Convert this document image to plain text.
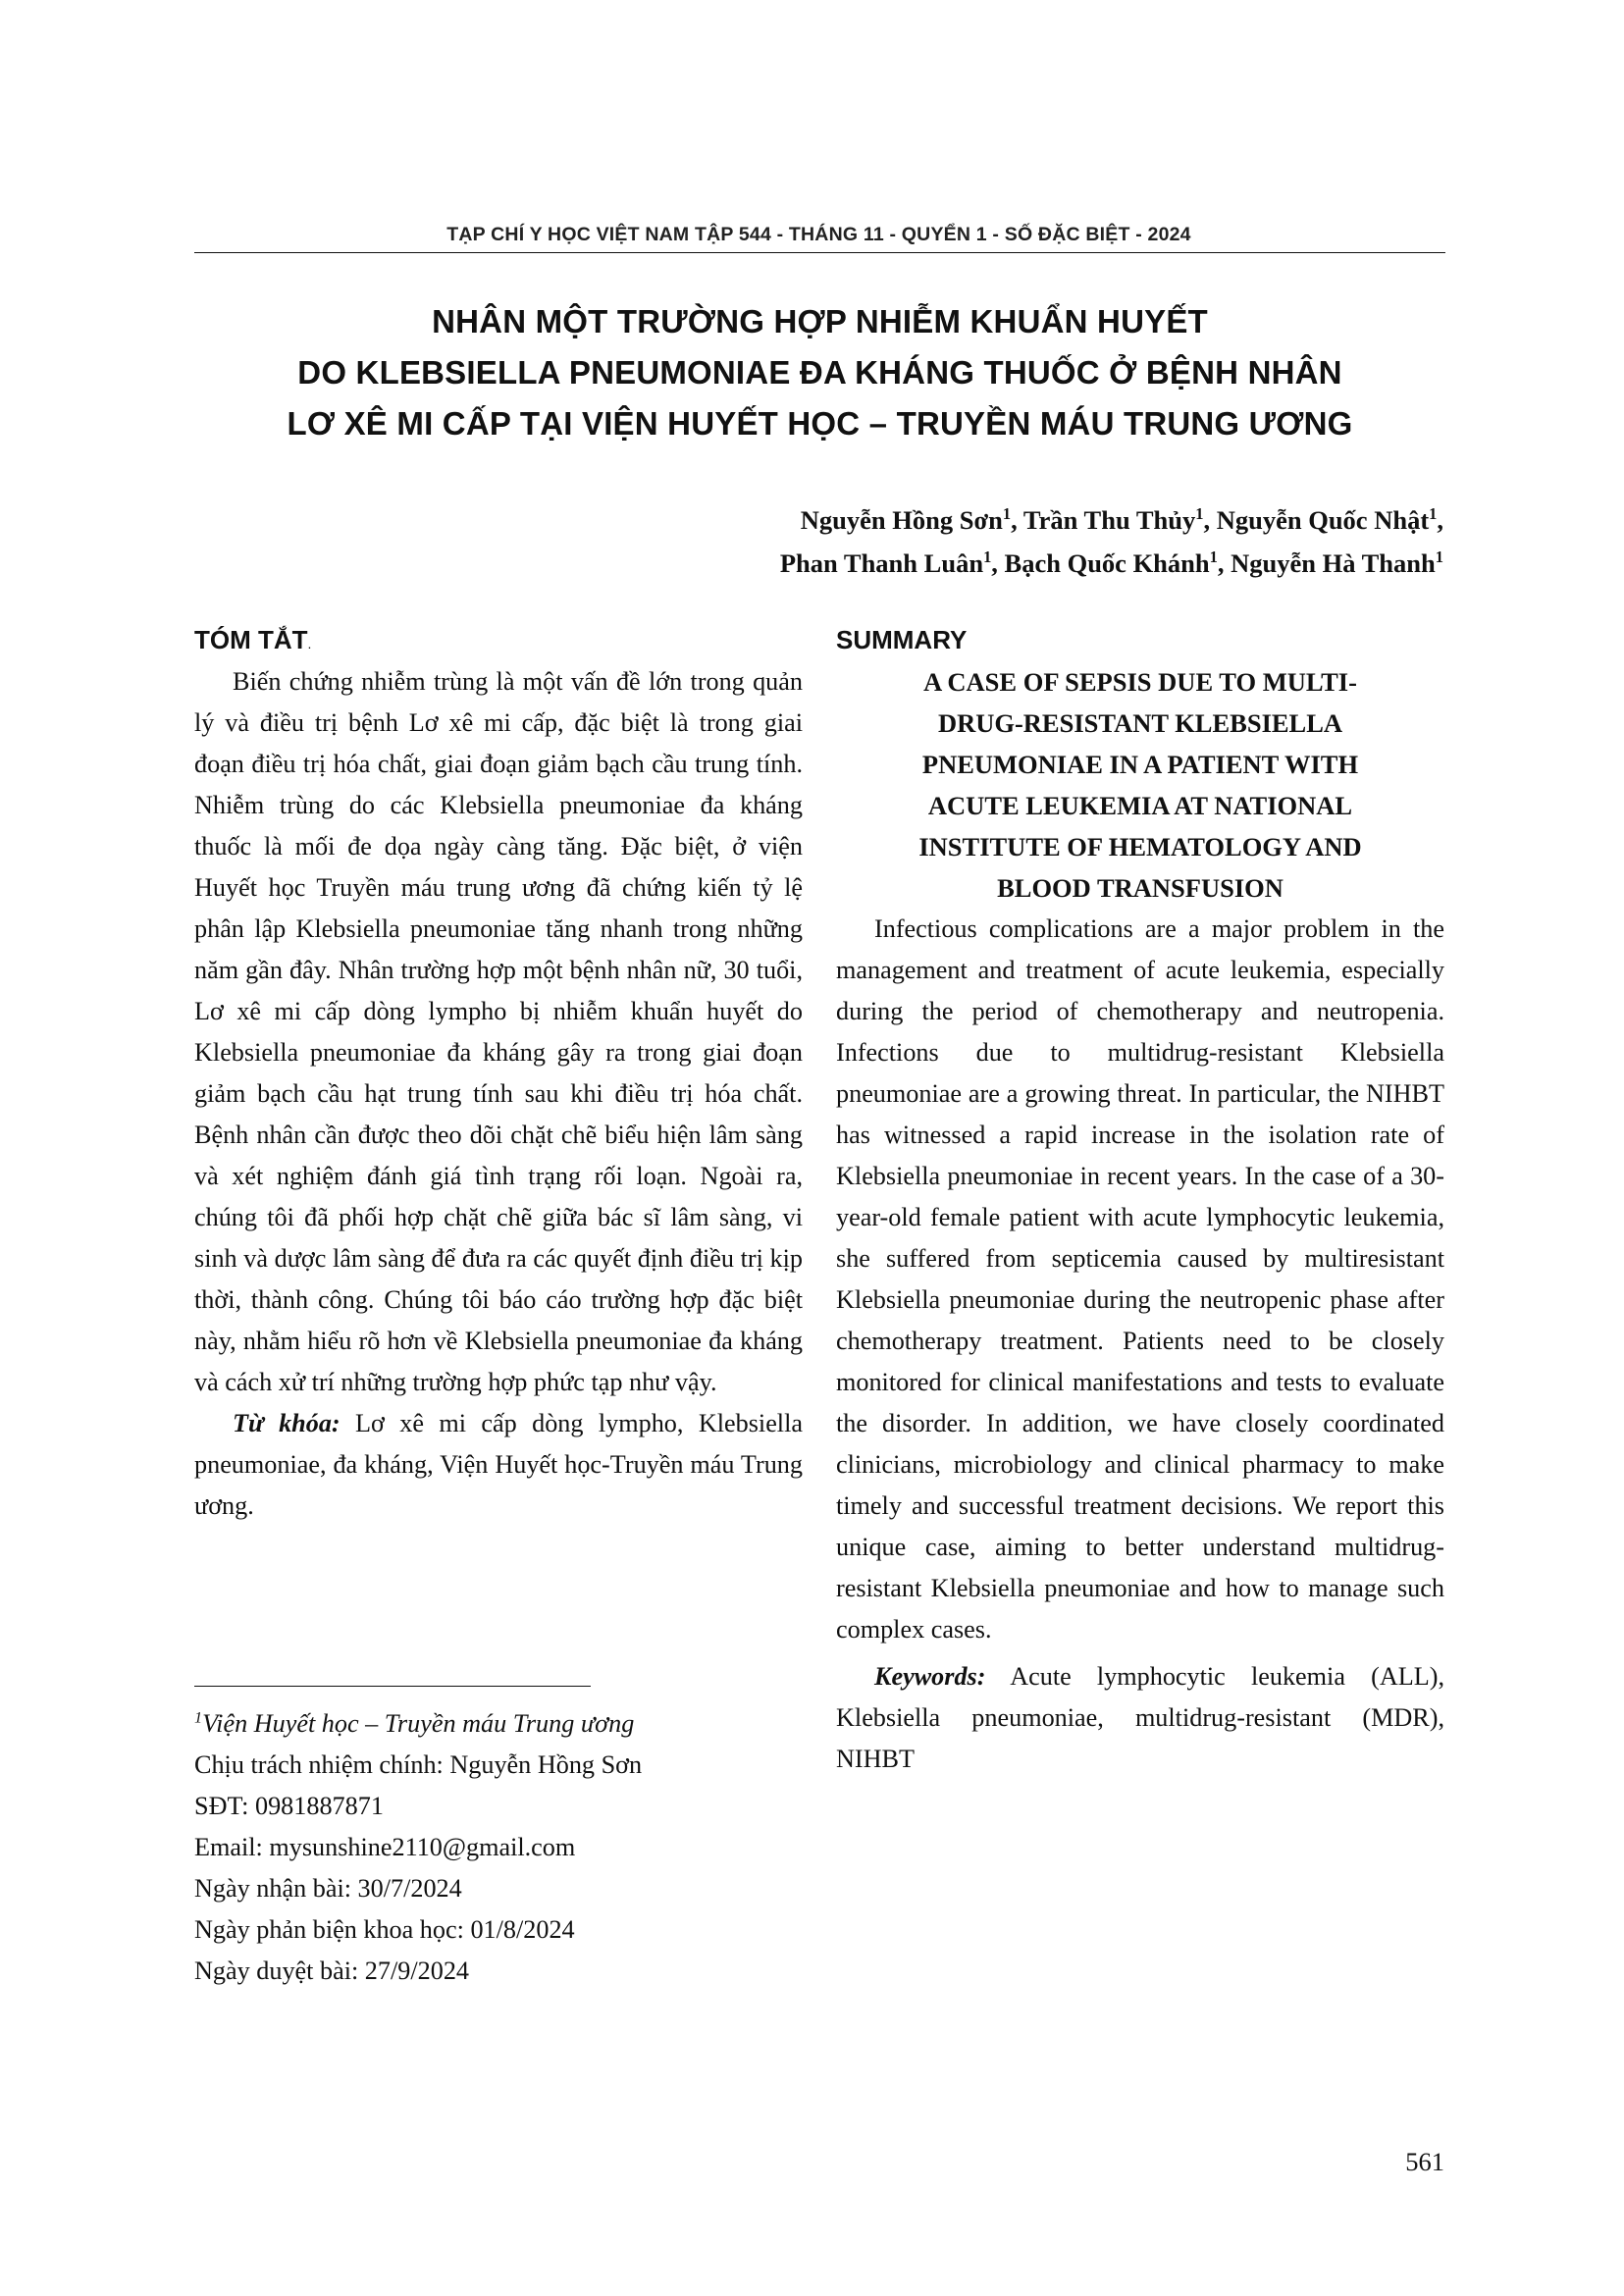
TẠP CHÍ Y HỌC VIỆT NAM TẬP 544 - THÁNG 11 - QUYỂN 1 - SỐ ĐẶC BIỆT - 2024
NHÂN MỘT TRƯỜNG HỢP NHIỄM KHUẨN HUYẾT
DO KLEBSIELLA PNEUMONIAE ĐA KHÁNG THUỐC Ở BỆNH NHÂN
LƠ XÊ MI CẤP TẠI VIỆN HUYẾT HỌC – TRUYỀN MÁU TRUNG ƯƠNG
Nguyễn Hồng Sơn$^1$, Trần Thu Thủy$^1$, Nguyễn Quốc Nhật$^1$,
Phan Thanh Luân$^1$, Bạch Quốc Khánh$^1$, Nguyễn Hà Thanh$^1$
TÓM TẮT.

Biến chứng nhiễm trùng là một vấn đề lớn trong quản lý và điều trị bệnh Lơ xê mi cấp, đặc biệt là trong giai đoạn điều trị hóa chất, giai đoạn giảm bạch cầu trung tính. Nhiễm trùng do các Klebsiella pneumoniae đa kháng thuốc là mối đe dọa ngày càng tăng. Đặc biệt, ở viện Huyết học Truyền máu trung ương đã chứng kiến tỷ lệ phân lập Klebsiella pneumoniae tăng nhanh trong những năm gần đây. Nhân trường hợp một bệnh nhân nữ, 30 tuổi, Lơ xê mi cấp dòng lympho bị nhiễm khuẩn huyết do Klebsiella pneumoniae đa kháng gây ra trong giai đoạn giảm bạch cầu hạt trung tính sau khi điều trị hóa chất. Bệnh nhân cần được theo dõi chặt chẽ biểu hiện lâm sàng và xét nghiệm đánh giá tình trạng rối loạn. Ngoài ra, chúng tôi đã phối hợp chặt chẽ giữa bác sĩ lâm sàng, vi sinh và dược lâm sàng để đưa ra các quyết định điều trị kịp thời, thành công. Chúng tôi báo cáo trường hợp đặc biệt này, nhằm hiểu rõ hơn về Klebsiella pneumoniae đa kháng và cách xử trí những trường hợp phức tạp như vậy.

Từ khóa: Lơ xê mi cấp dòng lympho, Klebsiella pneumoniae, đa kháng, Viện Huyết học-Truyền máu Trung ương.

SUMMARY
A CASE OF SEPSIS DUE TO MULTI-
DRUG-RESISTANT KLEBSIELLA
PNEUMONIAE IN A PATIENT WITH
ACUTE LEUKEMIA AT NATIONAL
INSTITUTE OF HEMATOLOGY AND
BLOOD TRANSFUSION

Infectious complications are a major problem in the management and treatment of acute leukemia, especially during the period of chemotherapy and neutropenia. Infections due to multidrug-resistant Klebsiella pneumoniae are a growing threat. In particular, the NIHBT has witnessed a rapid increase in the isolation rate of Klebsiella pneumoniae in recent years. In the case of a 30-year-old female patient with acute lymphocytic leukemia, she suffered from septicemia caused by multiresistant Klebsiella pneumoniae during the neutropenic phase after chemotherapy treatment. Patients need to be closely monitored for clinical manifestations and tests to evaluate the disorder. In addition, we have closely coordinated clinicians, microbiology and clinical pharmacy to make timely and successful treatment decisions. We report this unique case, aiming to better understand multidrug-resistant Klebsiella pneumoniae and how to manage such complex cases.

Keywords: Acute lymphocytic leukemia (ALL), Klebsiella pneumoniae, multidrug-resistant (MDR), NIHBT

$^1$Viện Huyết học – Truyền máu Trung ương
Chịu trách nhiệm chính: Nguyễn Hồng Sơn
SĐT: 0981887871
Email: mysunshine2110@gmail.com
Ngày nhận bài: 30/7/2024
Ngày phản biện khoa học: 01/8/2024
Ngày duyệt bài: 27/9/2024
561
